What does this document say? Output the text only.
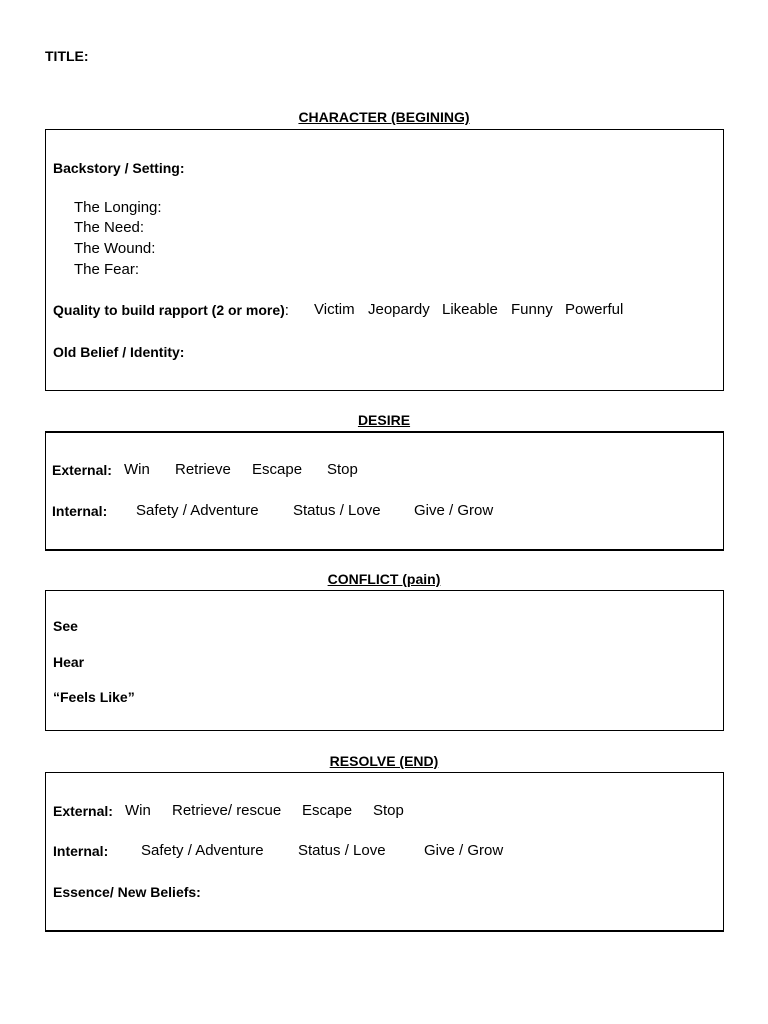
TITLE:
CHARACTER (BEGINING)
Backstory / Setting:
The Longing:
The Need:
The Wound:
The Fear:
Quality to build rapport (2 or more): Victim Jeopardy Likeable Funny Powerful
Old Belief / Identity:
DESIRE
External: Win Retrieve Escape Stop
Internal: Safety / Adventure Status / Love Give / Grow
CONFLICT (pain)
See
Hear
“Feels Like”
RESOLVE (END)
External: Win Retrieve/ rescue Escape Stop
Internal: Safety / Adventure Status / Love	Give / Grow
Essence/ New Beliefs:
